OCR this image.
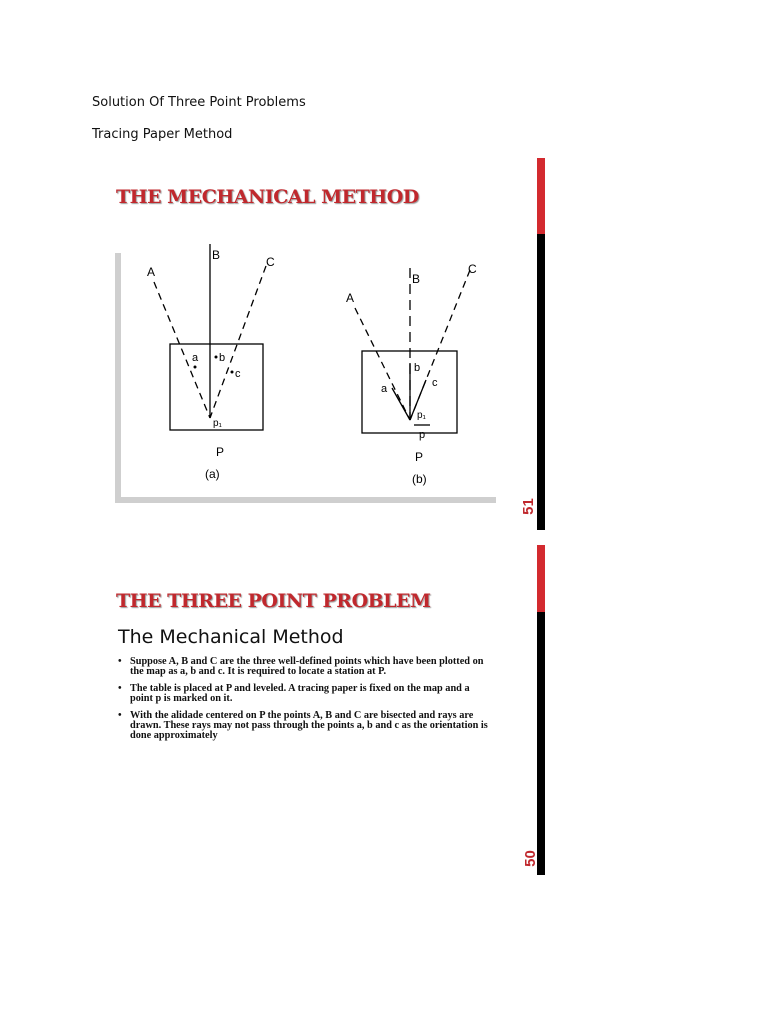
Solution Of Three Point Problems
Tracing Paper Method
THE MECHANICAL METHOD
51
A
B	C
a b
c
p₁
P
(a)
A
B
C
a
b
c
p₁
p
P
(b)
THE THREE POINT PROBLEM
The Mechanical Method
• Suppose A, B and C are the three well-defined points which have been plotted on the map as a, b and c. It is required to locate a station at P.
• The table is placed at P and leveled. A tracing paper is fixed on the map and a point p is marked on it.
• With the alidade centered on P the points A, B and C are bisected and rays are drawn. These rays may not pass through the points a, b and c as the orientation is done approximately
50
